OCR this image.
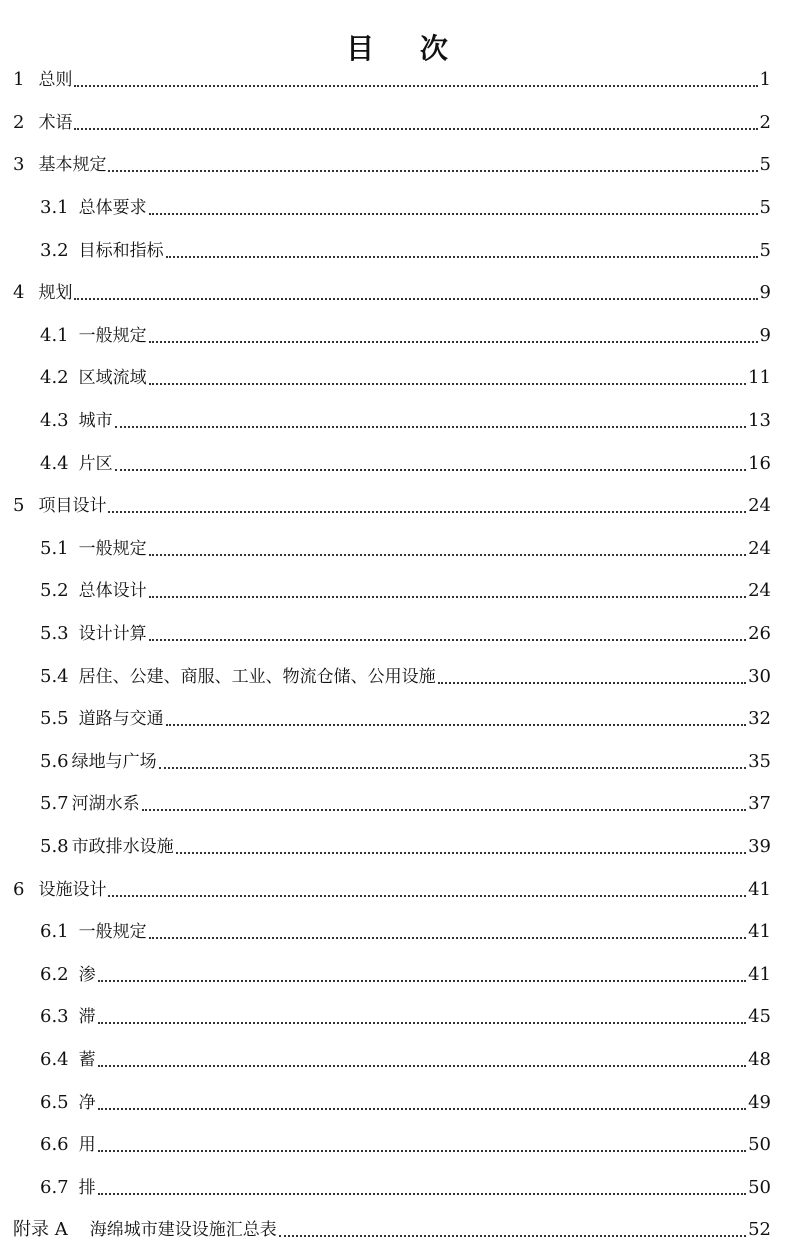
目 次
1 总则	1
2 术语	2
3 基本规定	5
3.1 总体要求	5
3.2 目标和指标	5
4 规划	9
4.1 一般规定	9
4.2 区域流域	11
4.3 城市	13
4.4 片区	16
5 项目设计	24
5.1 一般规定	24
5.2 总体设计	24
5.3 设计计算	26
5.4 居住、公建、商服、工业、物流仓储、公用设施	30
5.5 道路与交通	32
5.6 绿地与广场	35
5.7 河湖水系	37
5.8 市政排水设施	39
6 设施设计	41
6.1 一般规定	41
6.2 渗	41
6.3 滞	45
6.4 蓄	48
6.5 净	49
6.6 用	50
6.7 排	50
附录 A 海绵城市建设设施汇总表	52
